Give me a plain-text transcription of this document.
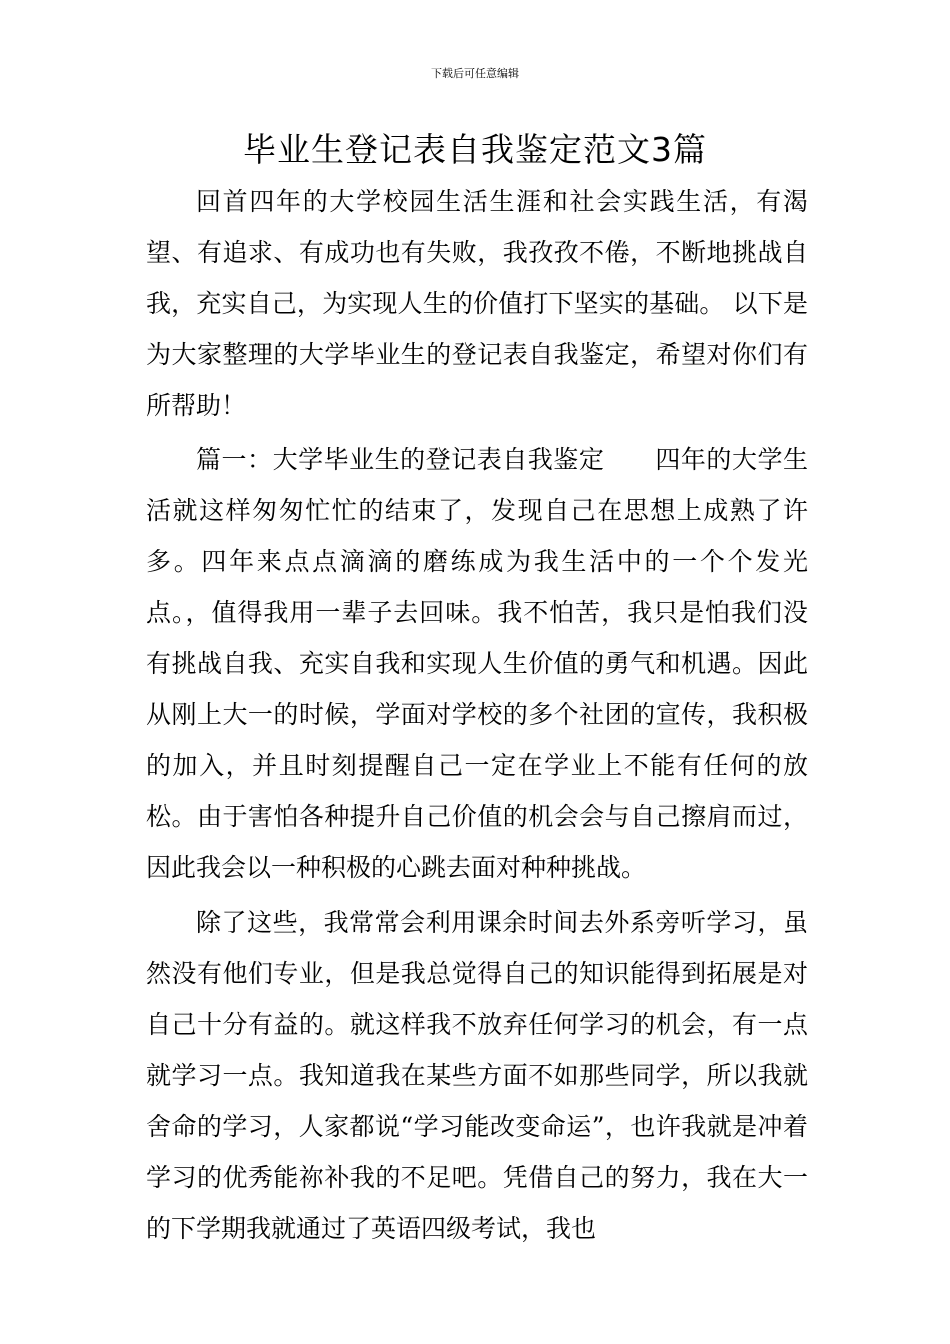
下载后可任意编辑
毕业生登记表自我鉴定范文3篇

回首四年的大学校园生活生涯和社会实践生活，有渴望、有追求、有成功也有失败，我孜孜不倦，不断地挑战自我，充实自己，为实现人生的价值打下坚实的基础。 以下是为大家整理的大学毕业生的登记表自我鉴定，希望对你们有所帮助！

篇一：大学毕业生的登记表自我鉴定　　四年的大学生活就这样匆匆忙忙的结束了，发现自己在思想上成熟了许多。四年来点点滴滴的磨练成为我生活中的一个个发光点。，值得我用一辈子去回味。我不怕苦，我只是怕我们没有挑战自我、充实自我和实现人生价值的勇气和机遇。因此从刚上大一的时候，学面对学校的多个社团的宣传，我积极的加入，并且时刻提醒自己一定在学业上不能有任何的放松。由于害怕各种提升自己价值的机会会与自己擦肩而过，因此我会以一种积极的心跳去面对种种挑战。

除了这些，我常常会利用课余时间去外系旁听学习，虽然没有他们专业，但是我总觉得自己的知识能得到拓展是对自己十分有益的。就这样我不放弃任何学习的机会，有一点就学习一点。我知道我在某些方面不如那些同学，所以我就舍命的学习，人家都说“学习能改变命运”，也许我就是冲着学习的优秀能祢补我的不足吧。凭借自己的努力，我在大一的下学期我就通过了英语四级考试，我也
